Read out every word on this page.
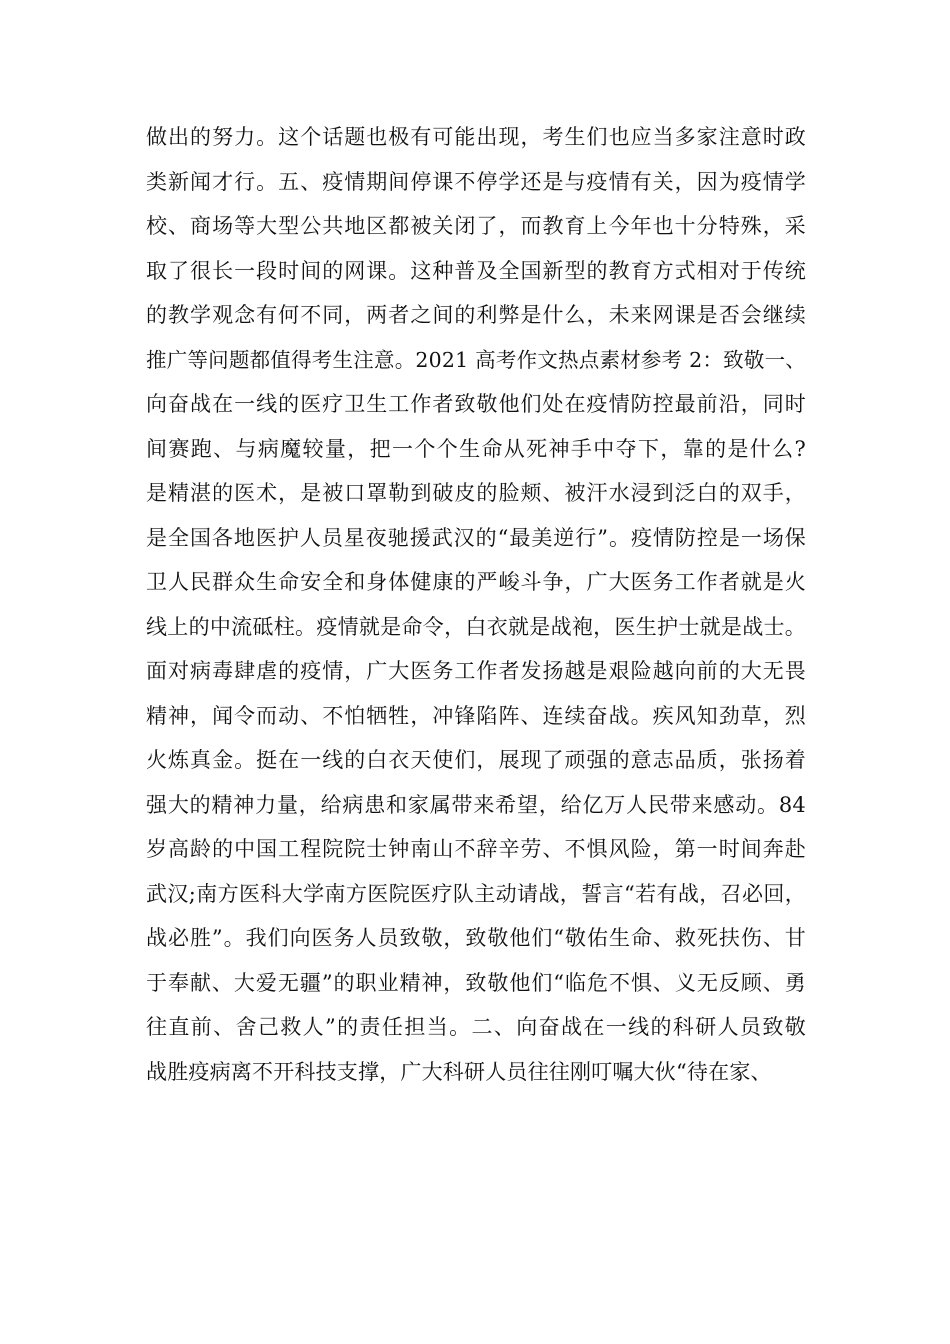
做出的努力。这个话题也极有可能出现，考生们也应当多家注意时政
类新闻才行。五、疫情期间停课不停学还是与疫情有关，因为疫情学
校、商场等大型公共地区都被关闭了，而教育上今年也十分特殊，采
取了很长一段时间的网课。这种普及全国新型的教育方式相对于传统
的教学观念有何不同，两者之间的利弊是什么，未来网课是否会继续
推广等问题都值得考生注意。2021 高考作文热点素材参考 2：致敬一、
向奋战在一线的医疗卫生工作者致敬他们处在疫情防控最前沿，同时
间赛跑、与病魔较量，把一个个生命从死神手中夺下，靠的是什么?
是精湛的医术，是被口罩勒到破皮的脸颊、被汗水浸到泛白的双手，
是全国各地医护人员星夜驰援武汉的“最美逆行”。疫情防控是一场保
卫人民群众生命安全和身体健康的严峻斗争，广大医务工作者就是火
线上的中流砥柱。疫情就是命令，白衣就是战袍，医生护士就是战士。
面对病毒肆虐的疫情，广大医务工作者发扬越是艰险越向前的大无畏
精神，闻令而动、不怕牺牲，冲锋陷阵、连续奋战。疾风知劲草，烈
火炼真金。挺在一线的白衣天使们，展现了顽强的意志品质，张扬着
强大的精神力量，给病患和家属带来希望，给亿万人民带来感动。84
岁高龄的中国工程院院士钟南山不辞辛劳、不惧风险，第一时间奔赴
武汉;南方医科大学南方医院医疗队主动请战，誓言“若有战，召必回，
战必胜”。我们向医务人员致敬，致敬他们“敬佑生命、救死扶伤、甘
于奉献、大爱无疆”的职业精神，致敬他们“临危不惧、义无反顾、勇
往直前、舍己救人”的责任担当。二、向奋战在一线的科研人员致敬
战胜疫病离不开科技支撑，广大科研人员往往刚叮嘱大伙“待在家、
